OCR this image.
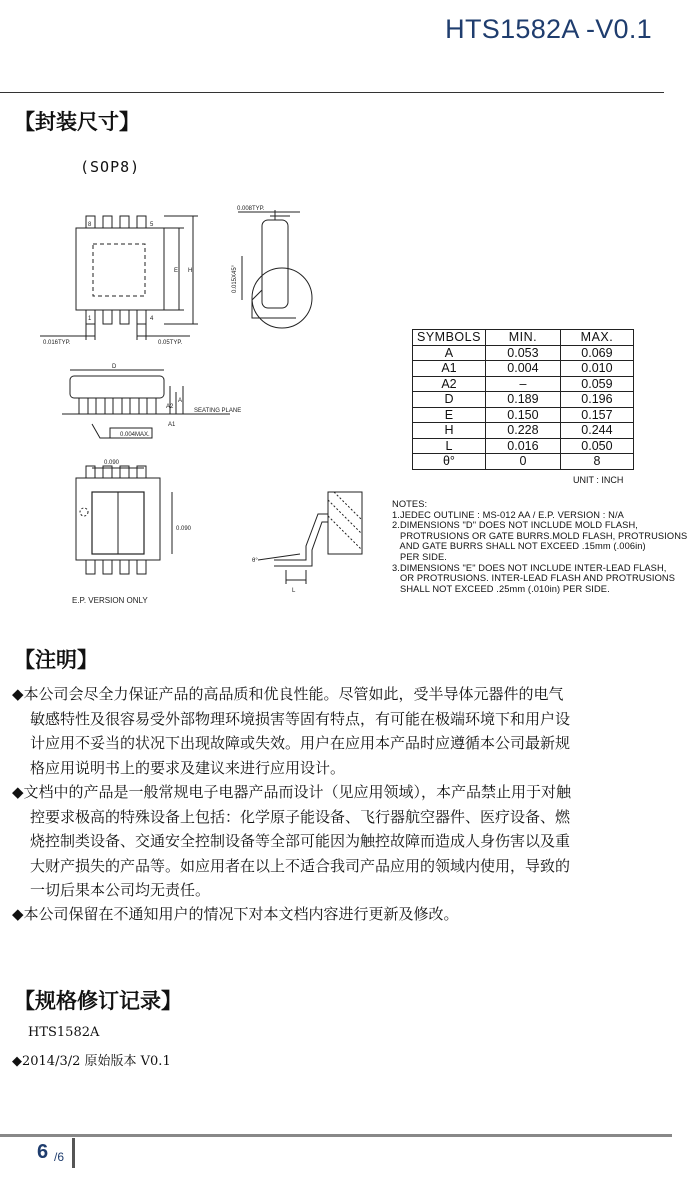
HTS1582A -V0.1
【封装尺寸】
(SOP8)
0.008TYP.
0.016TYP.	0.05TYP.
0.015X45°
D
E H
A
A2
A1
SEATING PLANE
0.004MAX.
0.090
0.090
E.P. VERSION ONLY
L
θ°
8	5
1	4
SYMBOLS	MIN.	MAX.
A	0.053	0.069
A1	0.004	0.010
A2	–	0.059
D	0.189	0.196
E	0.150	0.157
H	0.228	0.244
L	0.016	0.050
θ°	0	8
UNIT : INCH
NOTES:
1.JEDEC OUTLINE : MS-012 AA / E.P. VERSION : N/A
2.DIMENSIONS "D" DOES NOT INCLUDE MOLD FLASH,
PROTRUSIONS OR GATE BURRS.MOLD FLASH, PROTRUSIONS
AND GATE BURRS SHALL NOT EXCEED .15mm (.006in)
PER SIDE.
3.DIMENSIONS "E" DOES NOT INCLUDE INTER-LEAD FLASH,
OR PROTRUSIONS. INTER-LEAD FLASH AND PROTRUSIONS
SHALL NOT EXCEED .25mm (.010in) PER SIDE.
【注明】
◆本公司会尽全力保证产品的高品质和优良性能。尽管如此，受半导体元器件的电气
敏感特性及很容易受外部物理环境损害等固有特点，有可能在极端环境下和用户设
计应用不妥当的状况下出现故障或失效。用户在应用本产品时应遵循本公司最新规
格应用说明书上的要求及建议来进行应用设计。
◆文档中的产品是一般常规电子电器产品而设计（见应用领域），本产品禁止用于对触
控要求极高的特殊设备上包括：化学原子能设备、飞行器航空器件、医疗设备、燃
烧控制类设备、交通安全控制设备等全部可能因为触控故障而造成人身伤害以及重
大财产损失的产品等。如应用者在以上不适合我司产品应用的领域内使用，导致的
一切后果本公司均无责任。
◆本公司保留在不通知用户的情况下对本文档内容进行更新及修改。
【规格修订记录】
HTS1582A
◆2014/3/2 原始版本 V0.1
6 /6
